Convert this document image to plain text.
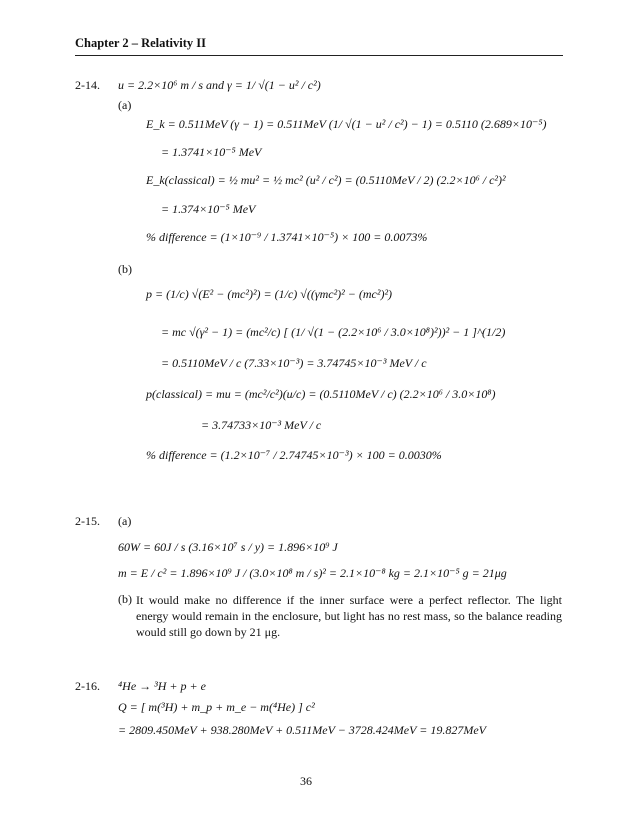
Chapter 2 – Relativity II
2-14. u = 2.2×10⁶ m / s and γ = 1/ √(1 − u² / c²)
(a)
E_k = 0.511MeV (γ − 1) = 0.511MeV (1/ √(1 − u² / c²) − 1) = 0.5110 (2.689×10⁻⁵)
= 1.3741×10⁻⁵ MeV
E_k(classical) = ½ mu² = ½ mc² (u² / c²) = (0.5110MeV / 2) (2.2×10⁶ / c²)²
= 1.374×10⁻⁵ MeV
% difference = (1×10⁻⁹ / 1.3741×10⁻⁵) × 100 = 0.0073%
(b)
p = (1/c) √(E² − (mc²)²) = (1/c) √((γmc²)² − (mc²)²)
= mc √(γ² − 1) = (mc²/c) [ (1/ √(1 − (2.2×10⁶ / 3.0×10⁸)²))² − 1 ]^(1/2)
= 0.5110MeV / c (7.33×10⁻³) = 3.74745×10⁻³ MeV / c
p(classical) = mu = (mc²/c²)(u/c) = (0.5110MeV / c) (2.2×10⁶ / 3.0×10⁸)
= 3.74733×10⁻³ MeV / c
% difference = (1.2×10⁻⁷ / 2.74745×10⁻³) × 100 = 0.0030%
2-15. (a)
60W = 60J / s (3.16×10⁷ s / y) = 1.896×10⁹ J
m = E / c² = 1.896×10⁹ J / (3.0×10⁸ m / s)² = 2.1×10⁻⁸ kg = 2.1×10⁻⁵ g = 21μg
(b) It would make no difference if the inner surface were a perfect reflector. The light energy would remain in the enclosure, but light has no rest mass, so the balance reading would still go down by 21 μg.
2-16. ⁴He → ³H + p + e
Q = [ m(³H) + m_p + m_e − m(⁴He) ] c²
= 2809.450MeV + 938.280MeV + 0.511MeV − 3728.424MeV = 19.827MeV
36
